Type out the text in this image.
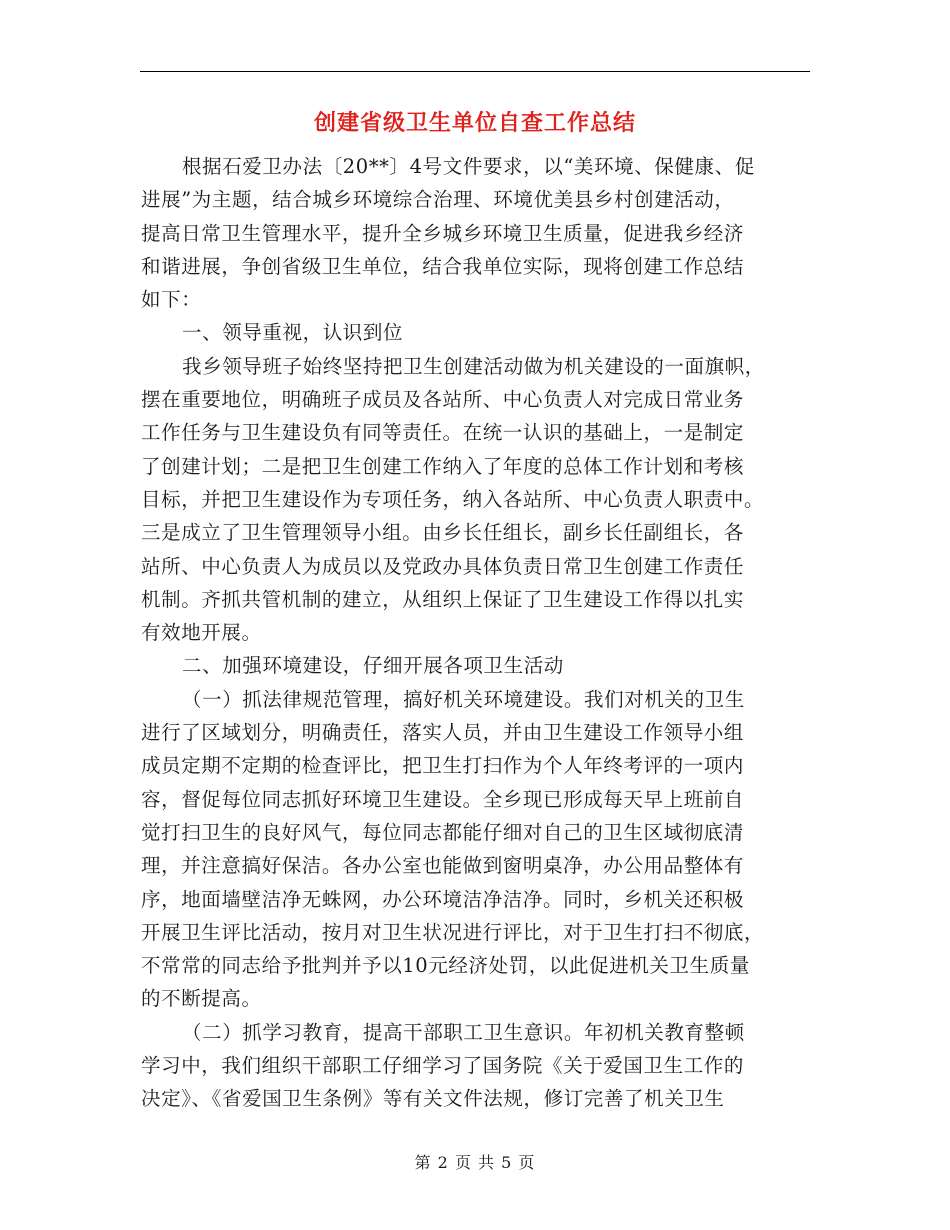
创建省级卫生单位自查工作总结
根据石爱卫办法〔20**〕4号文件要求，以“美环境、保健康、促
进展”为主题，结合城乡环境综合治理、环境优美县乡村创建活动，
提高日常卫生管理水平，提升全乡城乡环境卫生质量，促进我乡经济
和谐进展，争创省级卫生单位，结合我单位实际，现将创建工作总结
如下：
一、领导重视，认识到位
我乡领导班子始终坚持把卫生创建活动做为机关建设的一面旗帜，
摆在重要地位，明确班子成员及各站所、中心负责人对完成日常业务
工作任务与卫生建设负有同等责任。在统一认识的基础上，一是制定
了创建计划；二是把卫生创建工作纳入了年度的总体工作计划和考核
目标，并把卫生建设作为专项任务，纳入各站所、中心负责人职责中。
三是成立了卫生管理领导小组。由乡长任组长，副乡长任副组长，各
站所、中心负责人为成员以及党政办具体负责日常卫生创建工作责任
机制。齐抓共管机制的建立，从组织上保证了卫生建设工作得以扎实
有效地开展。
二、加强环境建设，仔细开展各项卫生活动
（一）抓法律规范管理，搞好机关环境建设。我们对机关的卫生
进行了区域划分，明确责任，落实人员，并由卫生建设工作领导小组
成员定期不定期的检查评比，把卫生打扫作为个人年终考评的一项内
容，督促每位同志抓好环境卫生建设。全乡现已形成每天早上班前自
觉打扫卫生的良好风气，每位同志都能仔细对自己的卫生区域彻底清
理，并注意搞好保洁。各办公室也能做到窗明桌净，办公用品整体有
序，地面墙壁洁净无蛛网，办公环境洁净洁净。同时，乡机关还积极
开展卫生评比活动，按月对卫生状况进行评比，对于卫生打扫不彻底，
不常常的同志给予批判并予以10元经济处罚，以此促进机关卫生质量
的不断提高。
（二）抓学习教育，提高干部职工卫生意识。年初机关教育整顿
学习中，我们组织干部职工仔细学习了国务院《关于爱国卫生工作的
决定》、《省爱国卫生条例》等有关文件法规，修订完善了机关卫生
第 2 页 共 5 页
